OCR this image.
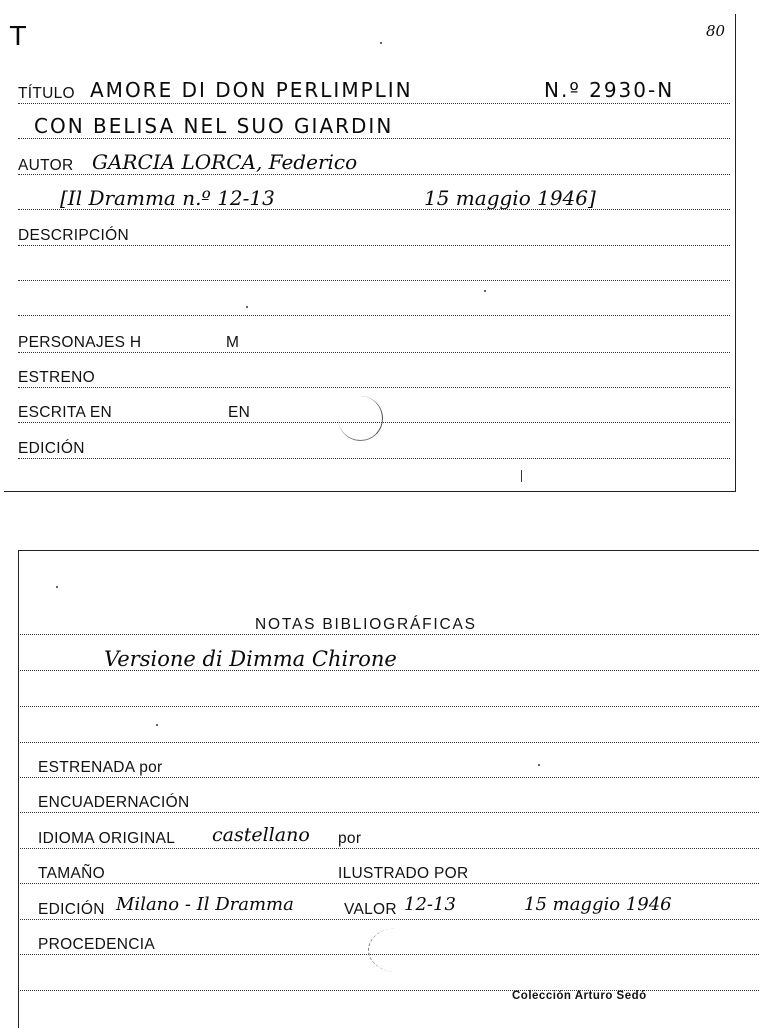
T	80
TÍTULO AMORE DI DON PERLIMPLIN	N.º 2930-N
CON BELISA NEL SUO GIARDIN
AUTOR GARCIA LORCA, Federico
[Il Dramma n.º 12-13	15 maggio 1946]
DESCRIPCIÓN
PERSONAJES H	M
ESTRENO
ESCRITA EN	EN
EDICIÓN
NOTAS BIBLIOGRÁFICAS
Versione di Dimma Chirone
ESTRENADA por
ENCUADERNACIÓN
IDIOMA ORIGINAL castellano por
TAMAÑO	ILUSTRADO POR
EDICIÓN Milano - Il Dramma	VALOR 12-13	15 maggio 1946
PROCEDENCIA
Colección Arturo Sedó
